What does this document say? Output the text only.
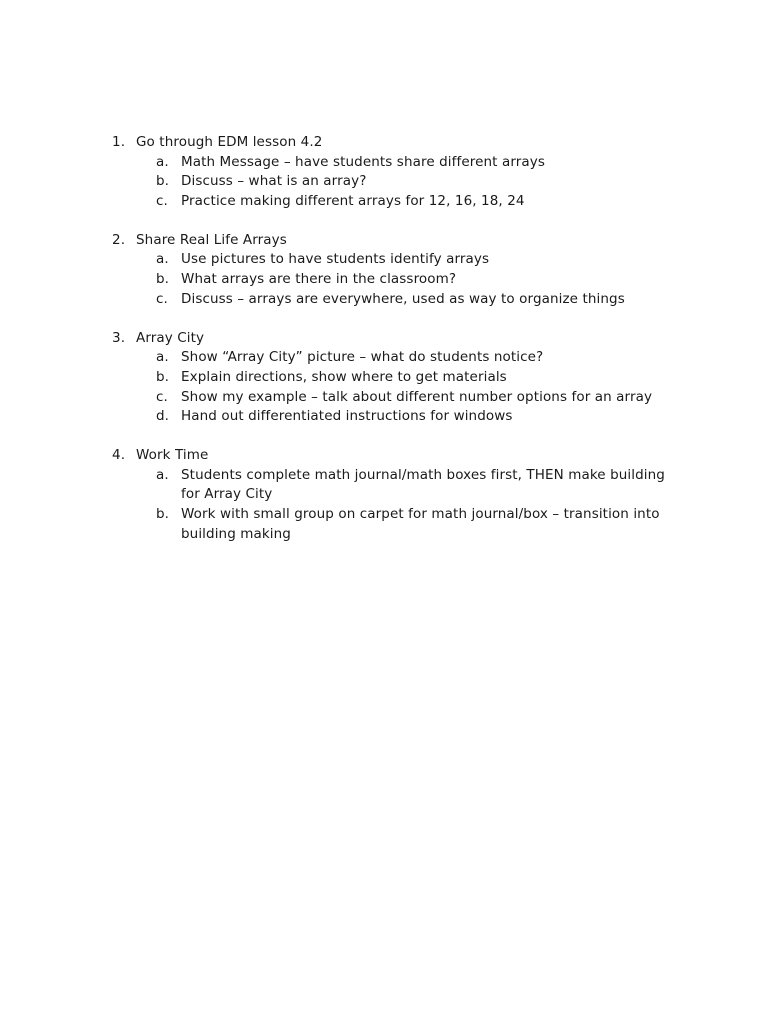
1. Go through EDM lesson 4.2
a. Math Message – have students share different arrays
b. Discuss – what is an array?
c. Practice making different arrays for 12, 16, 18, 24
2. Share Real Life Arrays
a. Use pictures to have students identify arrays
b. What arrays are there in the classroom?
c. Discuss – arrays are everywhere, used as way to organize things
3. Array City
a. Show “Array City” picture – what do students notice?
b. Explain directions, show where to get materials
c. Show my example – talk about different number options for an array
d. Hand out differentiated instructions for windows
4. Work Time
a. Students complete math journal/math boxes first, THEN make building for Array City
b. Work with small group on carpet for math journal/box – transition into building making
